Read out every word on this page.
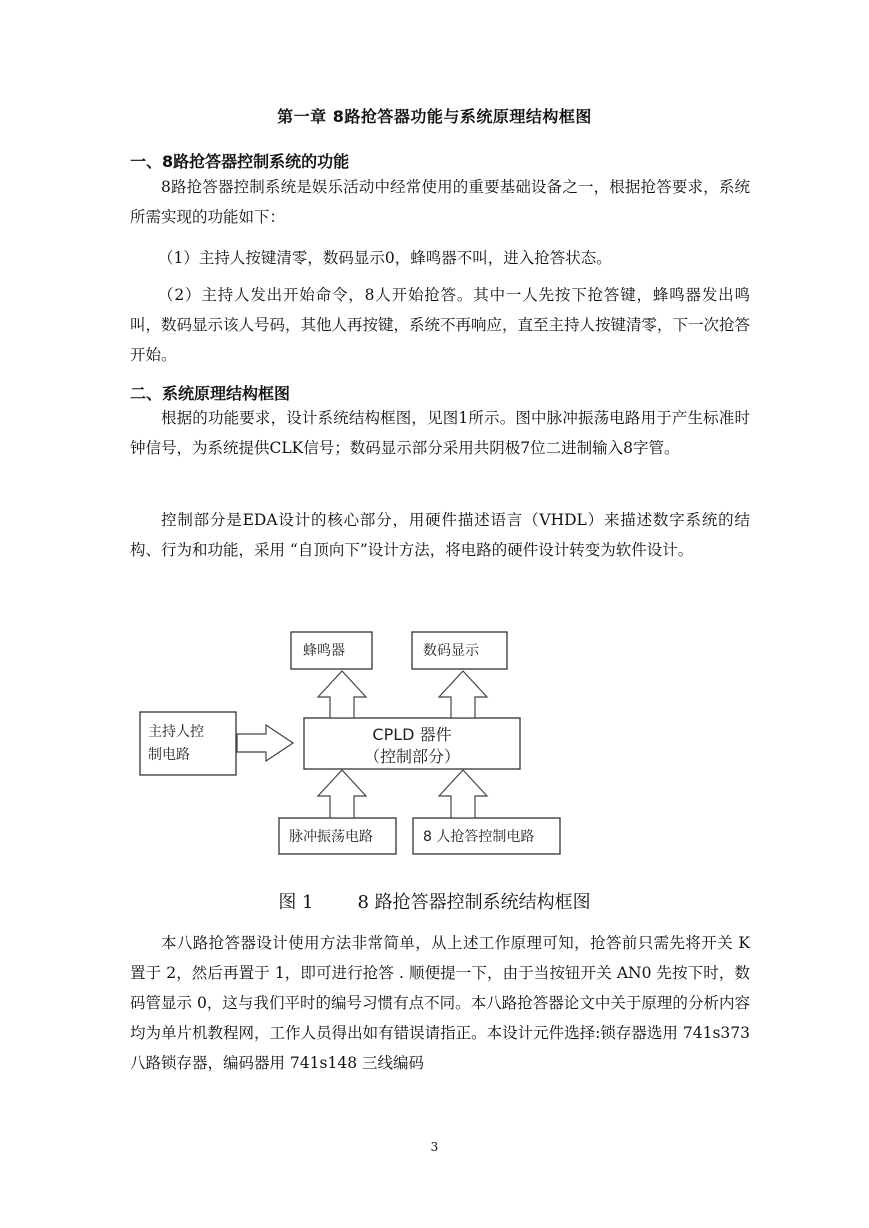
第一章 8路抢答器功能与系统原理结构框图
一、8路抢答器控制系统的功能

8路抢答器控制系统是娱乐活动中经常使用的重要基础设备之一，根据抢答要求，系统所需实现的功能如下：

（1）主持人按键清零，数码显示0，蜂鸣器不叫，进入抢答状态。

（2）主持人发出开始命令，8人开始抢答。其中一人先按下抢答键，蜂鸣器发出鸣叫，数码显示该人号码，其他人再按键，系统不再响应，直至主持人按键清零，下一次抢答开始。

二、系统原理结构框图

根据的功能要求，设计系统结构框图，见图1所示。图中脉冲振荡电路用于产生标准时钟信号，为系统提供CLK信号；数码显示部分采用共阴极7位二进制输入8字管。

控制部分是EDA设计的核心部分，用硬件描述语言（VHDL）来描述数字系统的结构、行为和功能，采用 “自顶向下”设计方法，将电路的硬件设计转变为软件设计。

蜂鸣器	数码显示
主持人控
制电路
CPLD 器件
（控制部分）
脉冲振荡电路	8 人抢答控制电路
图 1 8 路抢答器控制系统结构框图

本八路抢答器设计使用方法非常简单，从上述工作原理可知，抢答前只需先将开关 K 置于 2，然后再置于 1，即可进行抢答 . 顺便提一下，由于当按钮开关 AN0 先按下时，数码管显示 0，这与我们平时的编号习惯有点不同。本八路抢答器论文中关于原理的分析内容均为单片机教程网，工作人员得出如有错误请指正。本设计元件选择:锁存器选用 741s373 八路锁存器，编码器用 741s148 三线编码

3
